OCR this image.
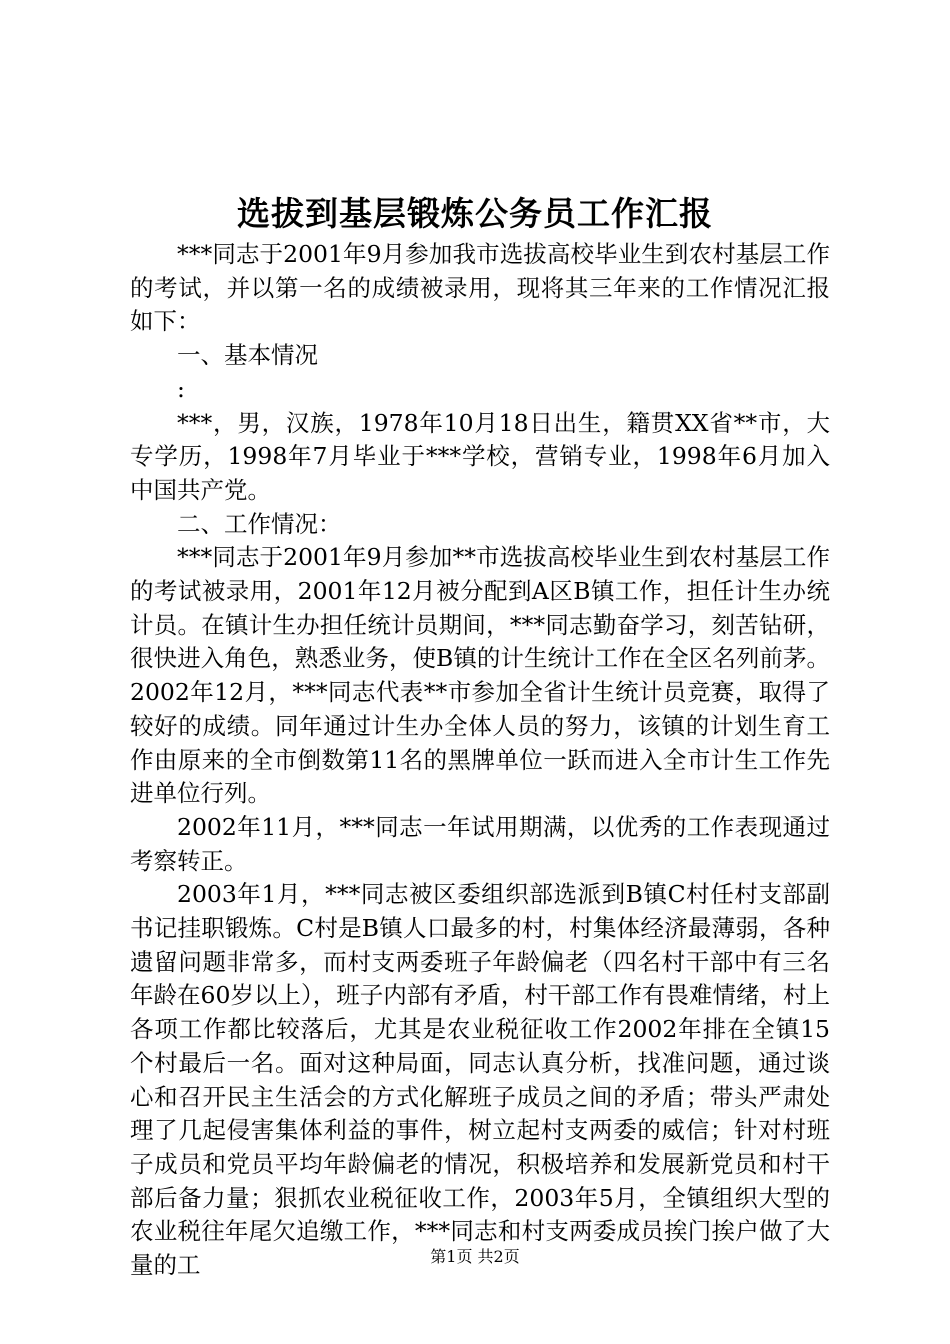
选拔到基层锻炼公务员工作汇报

***同志于2001年9月参加我市选拔高校毕业生到农村基层工作的考试，并以第一名的成绩被录用，现将其三年来的工作情况汇报如下：

一、基本情况

:

***，男，汉族，1978年10月18日出生，籍贯XX省**市，大专学历，1998年7月毕业于***学校，营销专业，1998年6月加入中国共产党。

二、工作情况：

***同志于2001年9月参加**市选拔高校毕业生到农村基层工作的考试被录用，2001年12月被分配到A区B镇工作，担任计生办统计员。在镇计生办担任统计员期间，***同志勤奋学习，刻苦钻研，很快进入角色，熟悉业务，使B镇的计生统计工作在全区名列前茅。2002年12月，***同志代表**市参加全省计生统计员竞赛，取得了较好的成绩。同年通过计生办全体人员的努力，该镇的计划生育工作由原来的全市倒数第11名的黑牌单位一跃而进入全市计生工作先进单位行列。

2002年11月，***同志一年试用期满，以优秀的工作表现通过考察转正。

2003年1月，***同志被区委组织部选派到B镇C村任村支部副书记挂职锻炼。C村是B镇人口最多的村，村集体经济最薄弱，各种遗留问题非常多，而村支两委班子年龄偏老（四名村干部中有三名年龄在60岁以上），班子内部有矛盾，村干部工作有畏难情绪，村上各项工作都比较落后，尤其是农业税征收工作2002年排在全镇15个村最后一名。面对这种局面，同志认真分析，找准问题，通过谈心和召开民主生活会的方式化解班子成员之间的矛盾；带头严肃处理了几起侵害集体利益的事件，树立起村支两委的威信；针对村班子成员和党员平均年龄偏老的情况，积极培养和发展新党员和村干部后备力量；狠抓农业税征收工作，2003年5月，全镇组织大型的农业税往年尾欠追缴工作，***同志和村支两委成员挨门挨户做了大量的工	第1页 共2页
